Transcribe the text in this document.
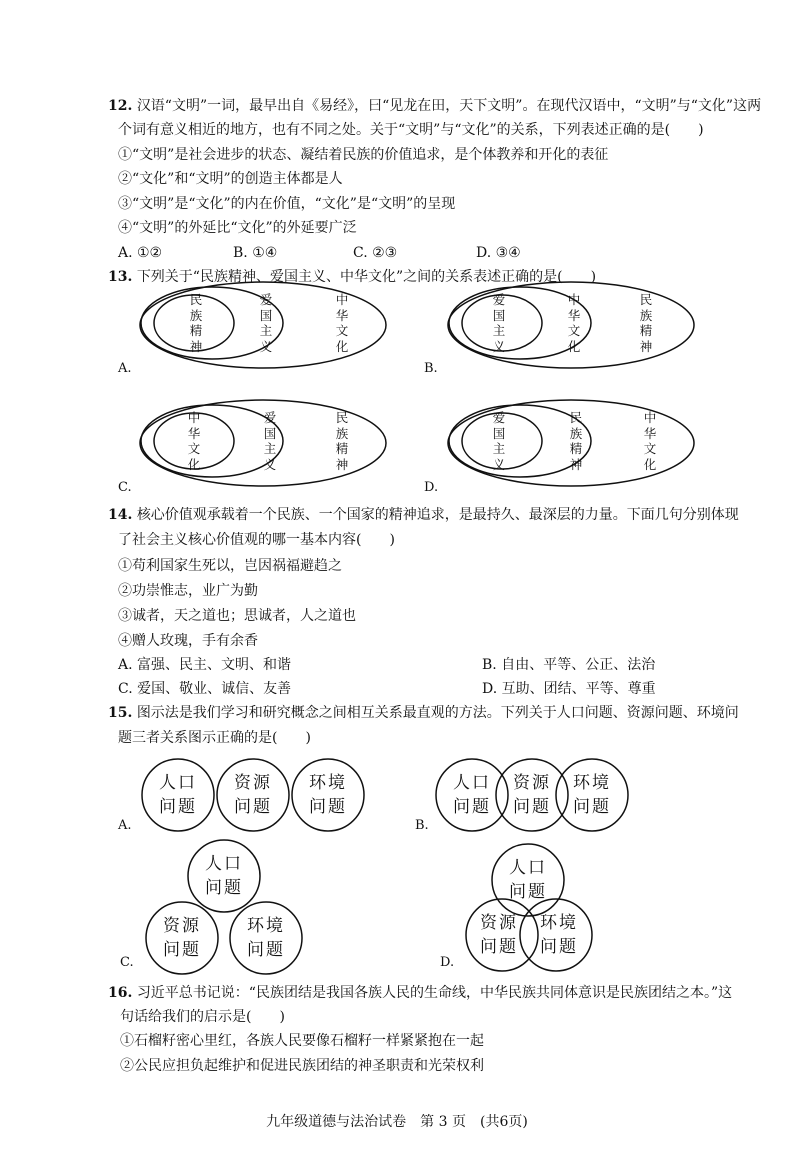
12. 汉语“文明”一词，最早出自《易经》，曰“见龙在田，天下文明”。在现代汉语中，“文明”与“文化”这两
个词有意义相近的地方，也有不同之处。关于“文明”与“文化”的关系，下列表述正确的是(　　)
①“文明”是社会进步的状态、凝结着民族的价值追求，是个体教养和开化的表征
②“文化”和“文明”的创造主体都是人
③“文明”是“文化”的内在价值，“文化”是“文明”的呈现
④“文明”的外延比“文化”的外延要广泛
A. ①②	B. ①④	C. ②③	D. ③④
13. 下列关于“民族精神、爱国主义、中华文化”之间的关系表述正确的是(　　)
民族精神
爱国主义
中华文化
A.
爱国主义
中华文化
民族精神
B.
中华文化
爱国主义
民族精神
C.
爱国主义
民族精神
中华文化
D.
14. 核心价值观承载着一个民族、一个国家的精神追求，是最持久、最深层的力量。下面几句分别体现
了社会主义核心价值观的哪一基本内容(　　)
①苟利国家生死以，岂因祸福避趋之
②功崇惟志，业广为勤
③诚者，天之道也；思诚者，人之道也
④赠人玫瑰，手有余香
A. 富强、民主、文明、和谐	B. 自由、平等、公正、法治
C. 爱国、敬业、诚信、友善	D. 互助、团结、平等、尊重
15. 图示法是我们学习和研究概念之间相互关系最直观的方法。下列关于人口问题、资源问题、环境问
题三者关系图示正确的是(　　)
人口
问题
资源
问题
环境
问题
A.
人口
问题
资源
问题
环境
问题
B.
人口
问题
资源
问题
环境
问题
C.
人口
问题
资源
问题
环境
问题
D.
16. 习近平总书记说：“民族团结是我国各族人民的生命线，中华民族共同体意识是民族团结之本。”这
句话给我们的启示是(　　)
①石榴籽密心里红，各族人民要像石榴籽一样紧紧抱在一起
②公民应担负起维护和促进民族团结的神圣职责和光荣权利
九年级道德与法治试卷　第 3 页　(共6页)
